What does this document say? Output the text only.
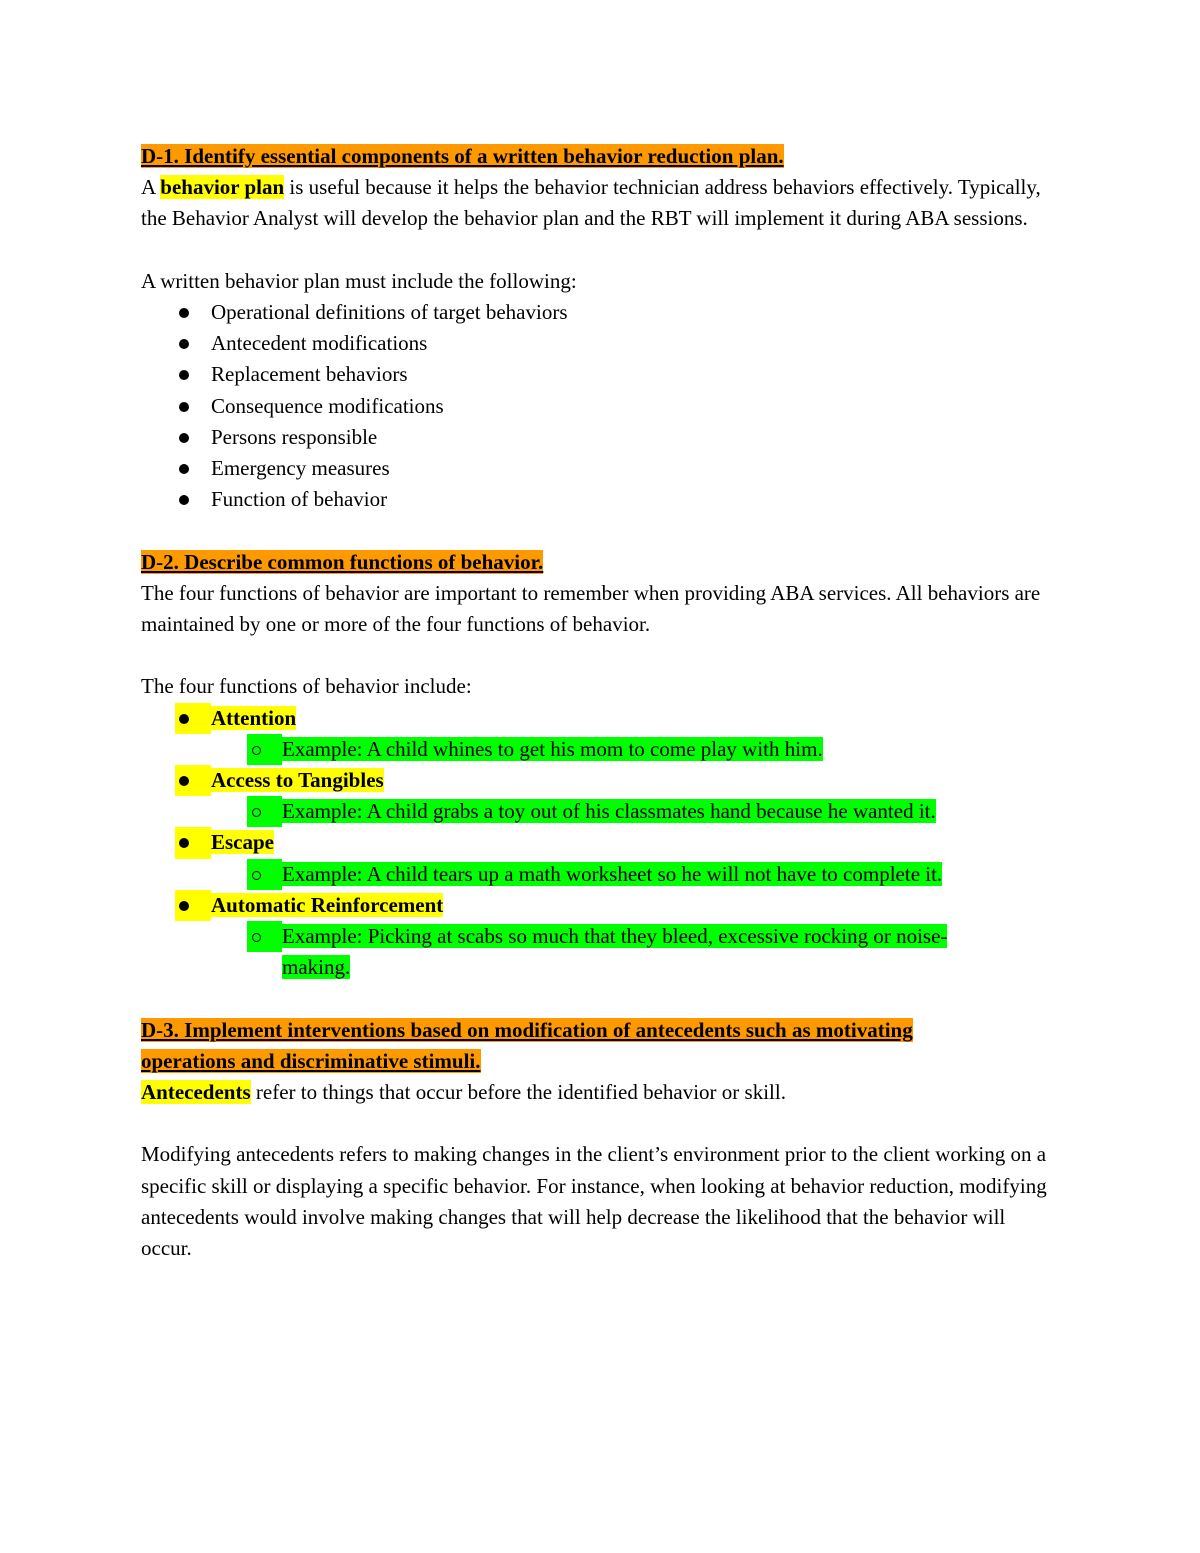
D-1. Identify essential components of a written behavior reduction plan.

A behavior plan is useful because it helps the behavior technician address behaviors effectively. Typically, the Behavior Analyst will develop the behavior plan and the RBT will implement it during ABA sessions.

A written behavior plan must include the following:

Operational definitions of target behaviors
Antecedent modifications
Replacement behaviors
Consequence modifications
Persons responsible
Emergency measures
Function of behavior

D-2. Describe common functions of behavior.

The four functions of behavior are important to remember when providing ABA services. All behaviors are maintained by one or more of the four functions of behavior.

The four functions of behavior include:

Attention
Example: A child whines to get his mom to come play with him.
Access to Tangibles
Example: A child grabs a toy out of his classmates hand because he wanted it.
Escape
Example: A child tears up a math worksheet so he will not have to complete it.
Automatic Reinforcement
Example: Picking at scabs so much that they bleed, excessive rocking or noise-making.

D-3. Implement interventions based on modification of antecedents such as motivating operations and discriminative stimuli.

Antecedents refer to things that occur before the identified behavior or skill.

Modifying antecedents refers to making changes in the client’s environment prior to the client working on a specific skill or displaying a specific behavior. For instance, when looking at behavior reduction, modifying antecedents would involve making changes that will help decrease the likelihood that the behavior will occur.
